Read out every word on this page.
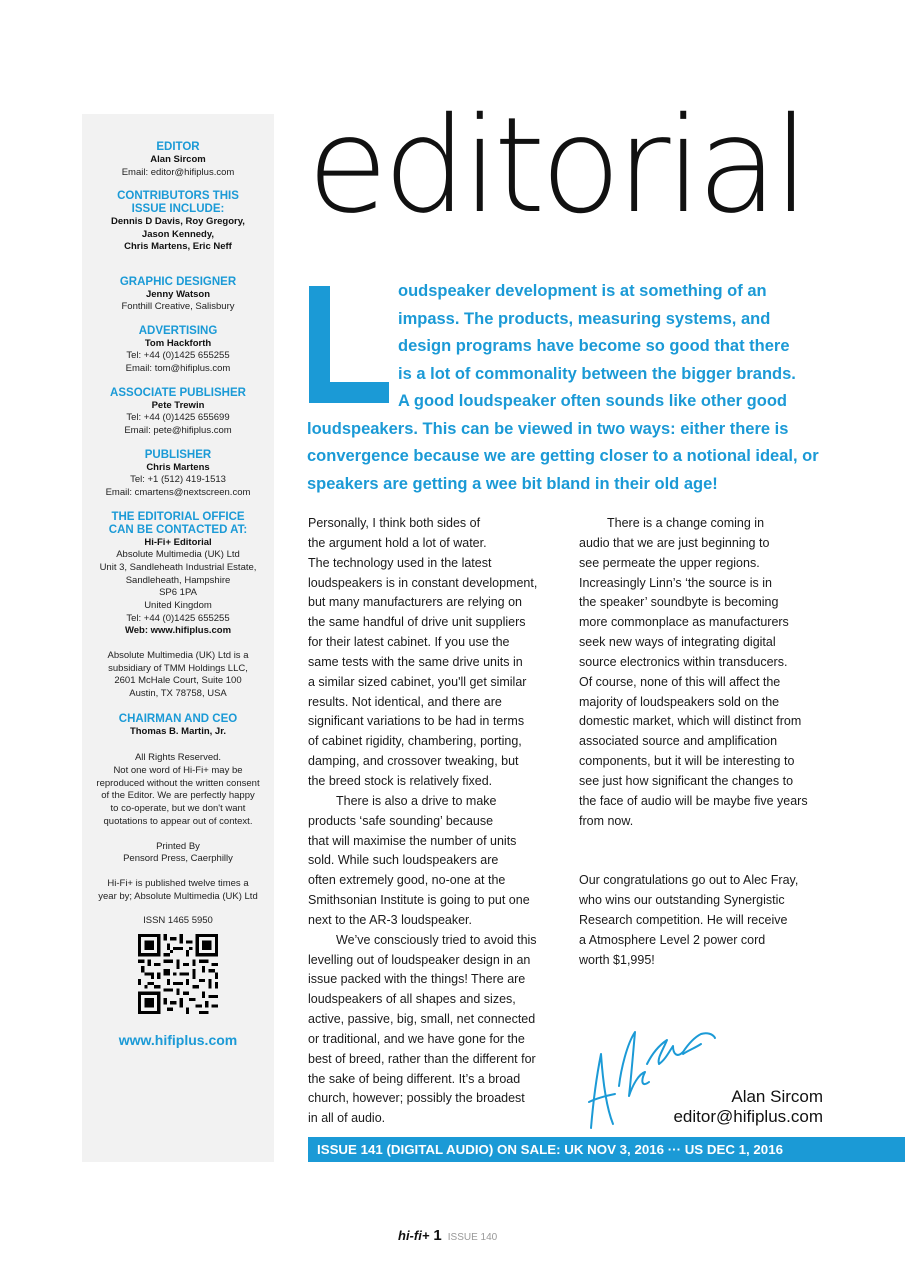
EDITOR
Alan Sircom
Email: editor@hifiplus.com
CONTRIBUTORS THIS
ISSUE INCLUDE:
Dennis D Davis, Roy Gregory,
Jason Kennedy,
Chris Martens, Eric Neff
GRAPHIC DESIGNER
Jenny Watson
Fonthill Creative, Salisbury
ADVERTISING
Tom Hackforth
Tel: +44 (0)1425 655255
Email: tom@hifiplus.com
ASSOCIATE PUBLISHER
Pete Trewin
Tel: +44 (0)1425 655699
Email: pete@hifiplus.com
PUBLISHER
Chris Martens
Tel: +1 (512) 419-1513
Email: cmartens@nextscreen.com
THE EDITORIAL OFFICE
CAN BE CONTACTED AT:
Hi-Fi+ Editorial
Absolute Multimedia (UK) Ltd
Unit 3, Sandleheath Industrial Estate,
Sandleheath, Hampshire
SP6 1PA
United Kingdom
Tel: +44 (0)1425 655255
Web: www.hifiplus.com
Absolute Multimedia (UK) Ltd is a
subsidiary of TMM Holdings LLC,
2601 McHale Court, Suite 100
Austin, TX 78758, USA
CHAIRMAN AND CEO
Thomas B. Martin, Jr.
All Rights Reserved.
Not one word of Hi-Fi+ may be
reproduced without the written consent
of the Editor. We are perfectly happy
to co-operate, but we don't want
quotations to appear out of context.
Printed By
Pensord Press, Caerphilly
Hi-Fi+ is published twelve times a
year by; Absolute Multimedia (UK) Ltd
ISSN 1465 5950
www.hifiplus.com
editorial
oudspeaker development is at something of an
impass. The products, measuring systems, and
design programs have become so good that there
is a lot of commonality between the bigger brands.
A good loudspeaker often sounds like other good
loudspeakers. This can be viewed in two ways: either there is
convergence because we are getting closer to a notional ideal, or
speakers are getting a wee bit bland in their old age!
Personally, I think both sides of
the argument hold a lot of water.
The technology used in the latest
loudspeakers is in constant development,
but many manufacturers are relying on
the same handful of drive unit suppliers
for their latest cabinet. If you use the
same tests with the same drive units in
a similar sized cabinet, you'll get similar
results. Not identical, and there are
significant variations to be had in terms
of cabinet rigidity, chambering, porting,
damping, and crossover tweaking, but
the breed stock is relatively fixed.
There is also a drive to make
products ‘safe sounding’ because
that will maximise the number of units
sold. While such loudspeakers are
often extremely good, no-one at the
Smithsonian Institute is going to put one
next to the AR-3 loudspeaker.
We’ve consciously tried to avoid this
levelling out of loudspeaker design in an
issue packed with the things! There are
loudspeakers of all shapes and sizes,
active, passive, big, small, net connected
or traditional, and we have gone for the
best of breed, rather than the different for
the sake of being different. It’s a broad
church, however; possibly the broadest
in all of audio.
There is a change coming in
audio that we are just beginning to
see permeate the upper regions.
Increasingly Linn’s ‘the source is in
the speaker’ soundbyte is becoming
more commonplace as manufacturers
seek new ways of integrating digital
source electronics within transducers.
Of course, none of this will affect the
majority of loudspeakers sold on the
domestic market, which will distinct from
associated source and amplification
components, but it will be interesting to
see just how significant the changes to
the face of audio will be maybe five years
from now.
Our congratulations go out to Alec Fray,
who wins our outstanding Synergistic
Research competition. He will receive
a Atmosphere Level 2 power cord
worth $1,995!
Alan Sircom
editor@hifiplus.com
ISSUE 141 (DIGITAL AUDIO) ON SALE: UK NOV 3, 2016 ··· US DEC 1, 2016
hi-fi+ 1 ISSUE 140
